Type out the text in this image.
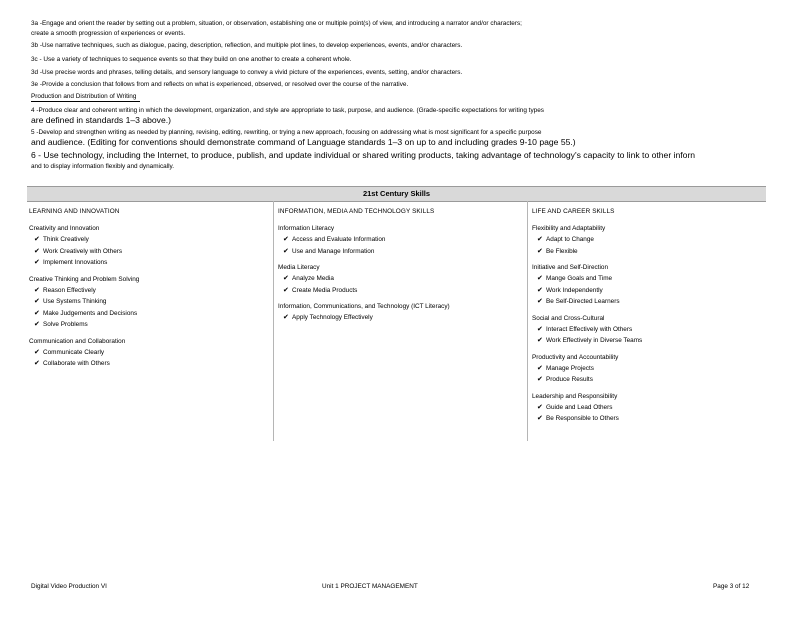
3a -Engage and orient the reader by setting out a problem, situation, or observation, establishing one or multiple point(s) of view, and introducing a narrator and/or characters;
create a smooth progression of experiences or events.
3b -Use narrative techniques, such as dialogue, pacing, description, reflection, and multiple plot lines, to develop experiences, events, and/or characters.
3c - Use a variety of techniques to sequence events so that they build on one another to create a coherent whole.
3d -Use precise words and phrases, telling details, and sensory language to convey a vivid picture of the experiences, events, setting, and/or characters.
3e -Provide a conclusion that follows from and reflects on what is experienced, observed, or resolved over the course of the narrative.
Production and Distribution of Writing
4 -Produce clear and coherent writing in which the development, organization, and style are appropriate to task, purpose, and audience. (Grade-specific expectations for writing types
are defined in standards 1–3 above.)
5 -Develop and strengthen writing as needed by planning, revising, editing, rewriting, or trying a new approach, focusing on addressing what is most significant for a specific purpose
and audience. (Editing for conventions should demonstrate command of Language standards 1–3 on up to and including grades 9-10 page 55.)
6 - Use technology, including the Internet, to produce, publish, and update individual or shared writing products, taking advantage of technology's capacity to link to other inforn
and to display information flexibly and dynamically.
21st Century Skills
LEARNING AND INNOVATION
Creativity and Innovation
✔ Think Creatively
✔ Work Creatively with Others
✔ Implement Innovations
Creative Thinking and Problem Solving
✔ Reason Effectively
✔ Use Systems Thinking
✔ Make Judgements and Decisions
✔ Solve Problems
Communication and Collaboration
✔ Communicate Clearly
✔ Collaborate with Others
INFORMATION, MEDIA AND TECHNOLOGY SKILLS
Information Literacy
✔ Access and Evaluate Information
✔ Use and Manage Information
Media Literacy
✔ Analyze Media
✔ Create Media Products
Information, Communications, and Technology (ICT Literacy)
✔ Apply Technology Effectively
LIFE AND CAREER SKILLS
Flexibility and Adaptability
✔ Adapt to Change
✔ Be Flexible
Initiative and Self-Direction
✔ Mange Goals and Time
✔ Work Independently
✔ Be Self-Directed Learners
Social and Cross-Cultural
✔ Interact Effectively with Others
✔ Work Effectively in Diverse Teams
Productivity and Accountability
✔ Manage Projects
✔ Produce Results
Leadership and Responsibility
✔ Guide and Lead Others
✔ Be Responsible to Others
Digital Video Production VI	Unit 1 PROJECT MANAGEMENT	Page 3 of 12
